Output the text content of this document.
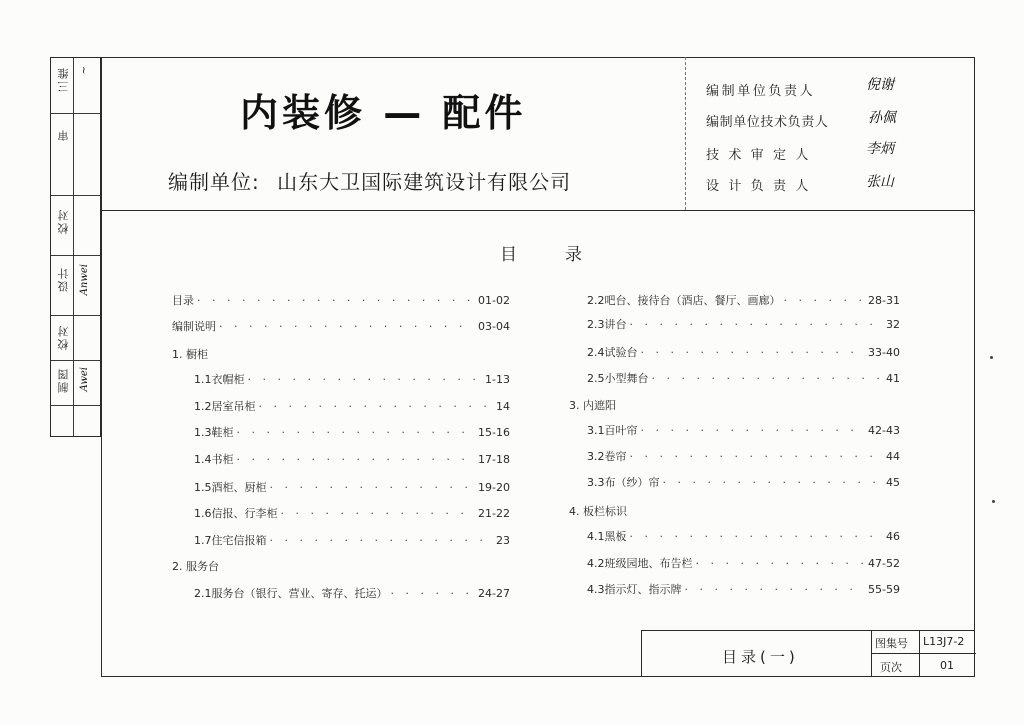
三维 ~
审
校对
设计 Anwei
校对
制图 Awei
内装修 — 配件
编制单位: 山东大卫国际建筑设计有限公司
编制单位负责人	倪谢
编制单位技术负责人	孙佩
技 术 审 定 人	李炳
设 计 负 责 人	张山
目录
目录 · · ·	01-02
编制说明 · · ·	03-04
1. 橱柜
1.1衣帽柜 · · ·	1-13
1.2居室吊柜 · · ·	14
1.3鞋柜 · · ·	15-16
1.4书柜 · · ·	17-18
1.5酒柜、厨柜 · · ·	19-20
1.6信报、行李柜 · · ·	21-22
1.7住宅信报箱 · · ·	23
2. 服务台
2.1服务台（银行、营业、寄存、托运） · · ·	24-27
2.2吧台、接待台（酒店、餐厅、画廊） · · ·	28-31
2.3讲台 · · ·	32
2.4试验台 · · ·	33-40
2.5小型舞台 · · ·	41
3. 内遮阳
3.1百叶帘 · · ·	42-43
3.2卷帘 · · ·	44
3.3布（纱）帘 · · ·	45
4. 板栏标识
4.1黑板 · · ·	46
4.2班级园地、布告栏 · · ·	47-52
4.3指示灯、指示牌 · · ·	55-59
目录(一)
图集号 L13J7-2
页次	01
